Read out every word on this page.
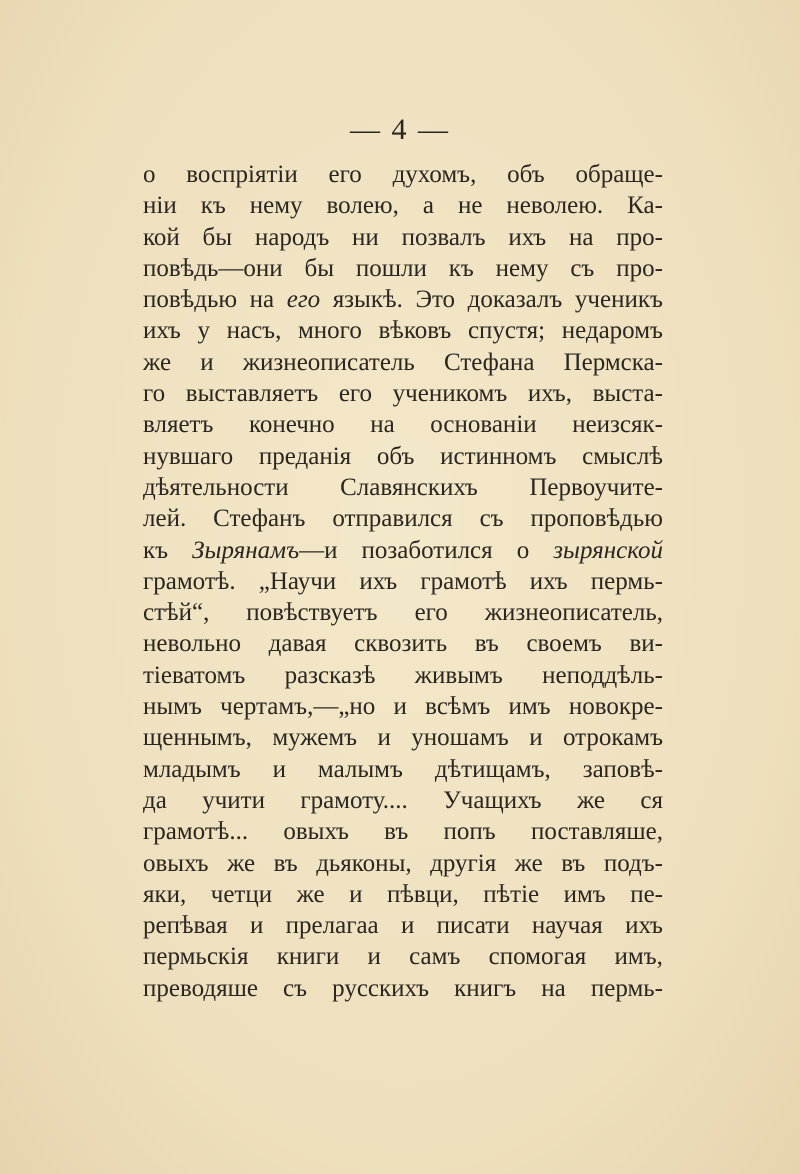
— 4 —
о воспріятіи его духомъ, объ обраще-
ніи къ нему волею, а не неволею. Ка-
кой бы народъ ни позвалъ ихъ на про-
повѣдь—они бы пошли къ нему съ про-
повѣдью на его языкѣ. Это доказалъ ученикъ
ихъ у насъ, много вѣковъ спустя; недаромъ
же и жизнеописатель Стефана Пермска-
го выставляетъ его ученикомъ ихъ, выста-
вляетъ конечно на основаніи неизсяк-
нувшаго преданія объ истинномъ смыслѣ
дѣятельности Славянскихъ Первоучите-
лей. Стефанъ отправился съ проповѣдью
къ Зырянамъ—и позаботился о зырянской
грамотѣ. „Научи ихъ грамотѣ ихъ пермь-
стѣй“, повѣствуетъ его жизнеописатель,
невольно давая сквозить въ своемъ ви-
тіеватомъ разсказѣ живымъ неподдѣль-
нымъ чертамъ,—„но и всѣмъ имъ новокре-
щеннымъ, мужемъ и уношамъ и отрокамъ
младымъ и малымъ дѣтищамъ, заповѣ-
да учити грамоту.... Учащихъ же ся
грамотѣ... овыхъ въ попъ поставляше,
овыхъ же въ дьяконы, другія же въ подъ-
яки, четци же и пѣвци, пѣтіе имъ пе-
репѣвая и прелагаа и писати научая ихъ
пермьскія книги и самъ спомогая имъ,
преводяше съ русскихъ книгъ на пермь-
